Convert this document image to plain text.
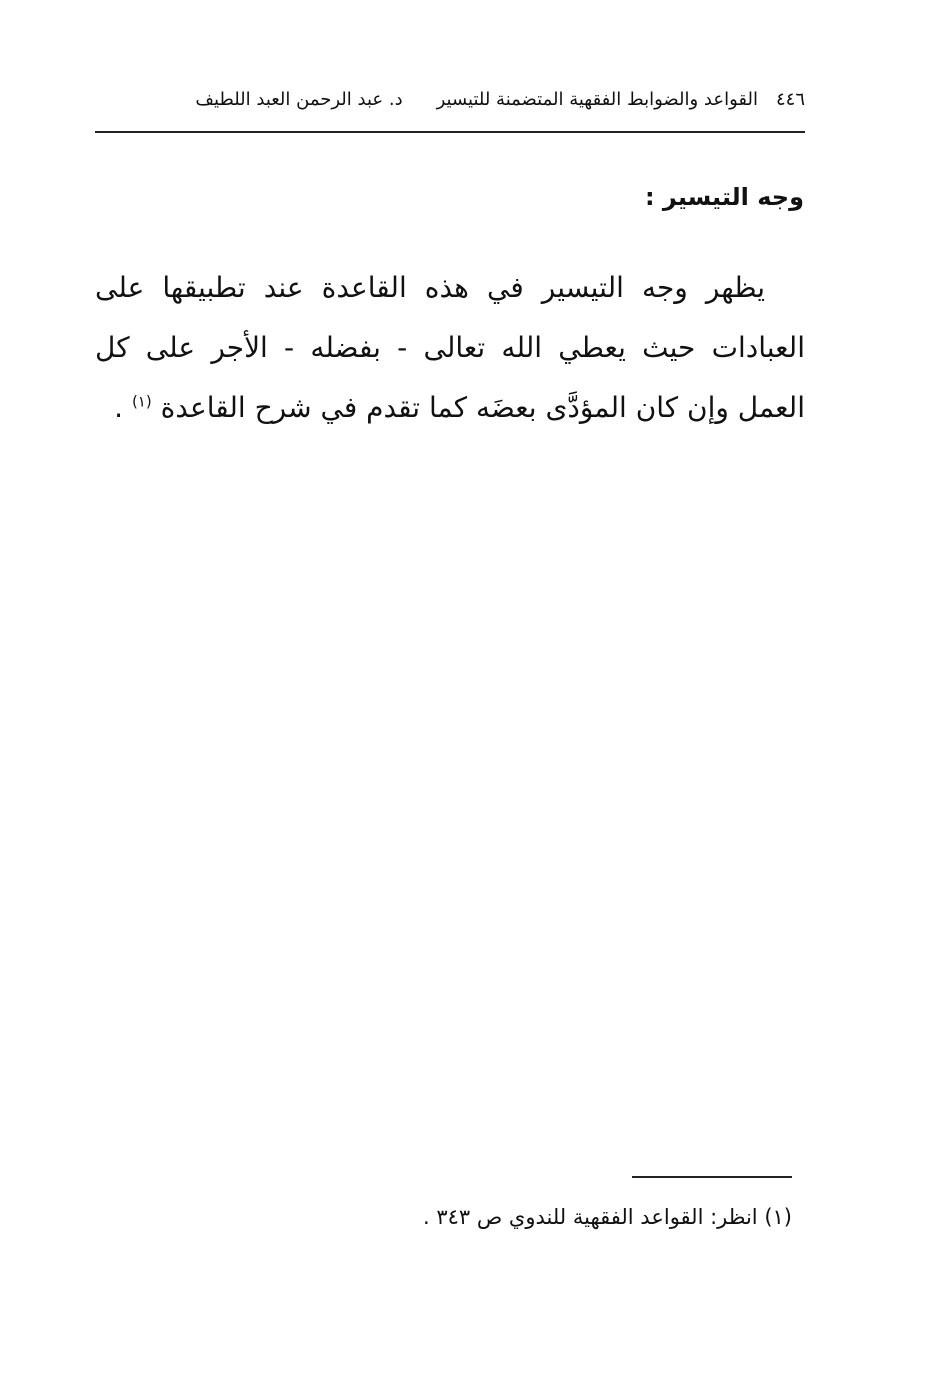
٤٤٦
القواعد والضوابط الفقهية المتضمنة للتيسير
د. عبد الرحمن العبد اللطيف
وجه التيسير :

يظهر وجه التيسير في هذه القاعدة عند تطبيقها على العبادات حيث يعطي الله تعالى - بفضله - الأجر على كل العمل وإن كان المؤدَّى بعضَه كما تقدم في شرح القاعدة $^{(١)}$ .

(١) انظر: القواعد الفقهية للندوي ص ٣٤٣ .
